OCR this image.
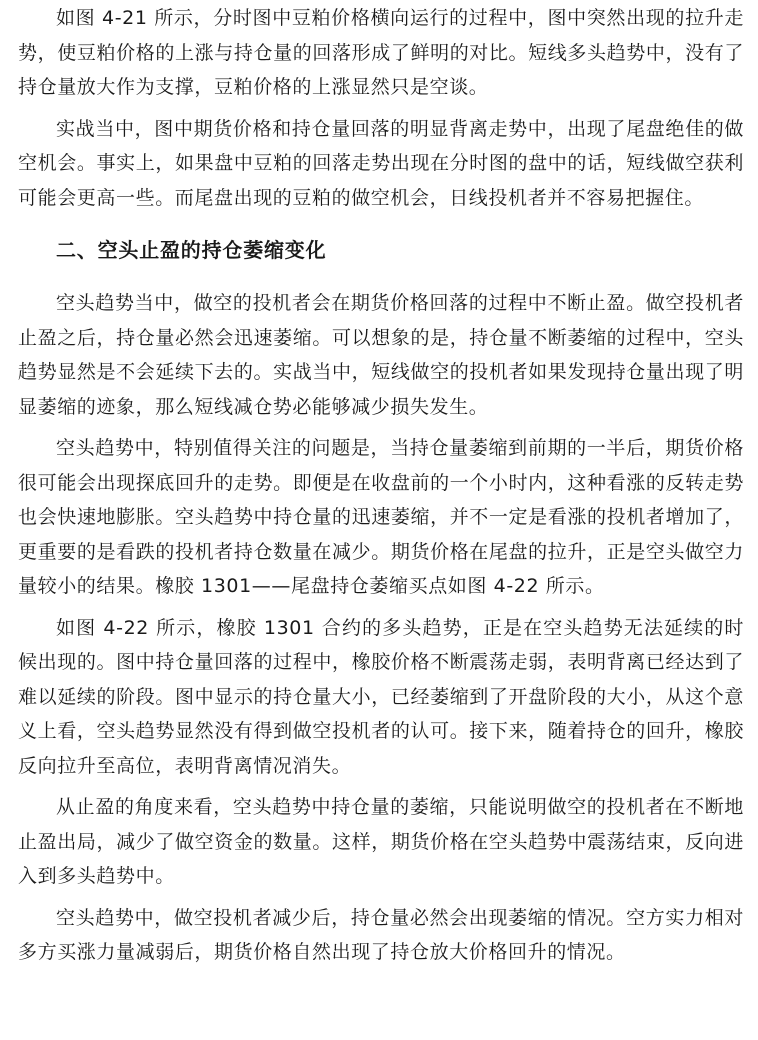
如图 4-21 所示，分时图中豆粕价格横向运行的过程中，图中突然出现的拉升走势，使豆粕价格的上涨与持仓量的回落形成了鲜明的对比。短线多头趋势中，没有了持仓量放大作为支撑，豆粕价格的上涨显然只是空谈。

实战当中，图中期货价格和持仓量回落的明显背离走势中，出现了尾盘绝佳的做空机会。事实上，如果盘中豆粕的回落走势出现在分时图的盘中的话，短线做空获利可能会更高一些。而尾盘出现的豆粕的做空机会，日线投机者并不容易把握住。

二、空头止盈的持仓萎缩变化

空头趋势当中，做空的投机者会在期货价格回落的过程中不断止盈。做空投机者止盈之后，持仓量必然会迅速萎缩。可以想象的是，持仓量不断萎缩的过程中，空头趋势显然是不会延续下去的。实战当中，短线做空的投机者如果发现持仓量出现了明显萎缩的迹象，那么短线减仓势必能够减少损失发生。

空头趋势中，特别值得关注的问题是，当持仓量萎缩到前期的一半后，期货价格很可能会出现探底回升的走势。即便是在收盘前的一个小时内，这种看涨的反转走势也会快速地膨胀。空头趋势中持仓量的迅速萎缩，并不一定是看涨的投机者增加了，更重要的是看跌的投机者持仓数量在减少。期货价格在尾盘的拉升，正是空头做空力量较小的结果。橡胶 1301——尾盘持仓萎缩买点如图 4-22 所示。

如图 4-22 所示，橡胶 1301 合约的多头趋势，正是在空头趋势无法延续的时候出现的。图中持仓量回落的过程中，橡胶价格不断震荡走弱，表明背离已经达到了难以延续的阶段。图中显示的持仓量大小，已经萎缩到了开盘阶段的大小，从这个意义上看，空头趋势显然没有得到做空投机者的认可。接下来，随着持仓的回升，橡胶反向拉升至高位，表明背离情况消失。

从止盈的角度来看，空头趋势中持仓量的萎缩，只能说明做空的投机者在不断地止盈出局，减少了做空资金的数量。这样，期货价格在空头趋势中震荡结束，反向进入到多头趋势中。

空头趋势中，做空投机者减少后，持仓量必然会出现萎缩的情况。空方实力相对多方买涨力量减弱后，期货价格自然出现了持仓放大价格回升的情况。
